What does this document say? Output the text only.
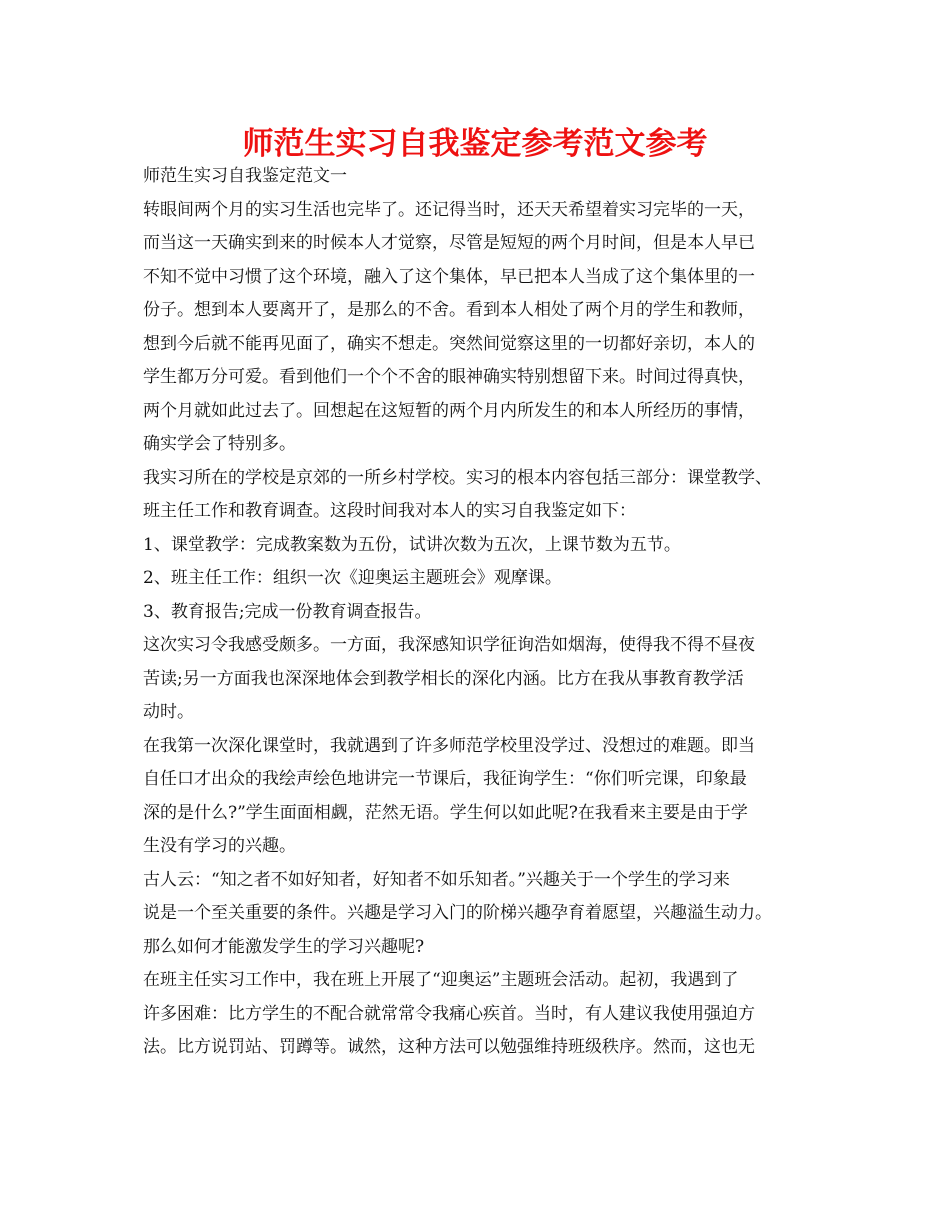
师范生实习自我鉴定参考范文参考
师范生实习自我鉴定范文一
转眼间两个月的实习生活也完毕了。还记得当时，还天天希望着实习完毕的一天，
而当这一天确实到来的时候本人才觉察，尽管是短短的两个月时间，但是本人早已
不知不觉中习惯了这个环境，融入了这个集体，早已把本人当成了这个集体里的一
份子。想到本人要离开了，是那么的不舍。看到本人相处了两个月的学生和教师，
想到今后就不能再见面了，确实不想走。突然间觉察这里的一切都好亲切，本人的
学生都万分可爱。看到他们一个个不舍的眼神确实特别想留下来。时间过得真快，
两个月就如此过去了。回想起在这短暂的两个月内所发生的和本人所经历的事情，
确实学会了特别多。
我实习所在的学校是京郊的一所乡村学校。实习的根本内容包括三部分：课堂教学、
班主任工作和教育调查。这段时间我对本人的实习自我鉴定如下：
1、课堂教学：完成教案数为五份，试讲次数为五次，上课节数为五节。
2、班主任工作：组织一次《迎奥运主题班会》观摩课。
3、教育报告;完成一份教育调查报告。
这次实习令我感受颇多。一方面，我深感知识学征询浩如烟海，使得我不得不昼夜
苦读;另一方面我也深深地体会到教学相长的深化内涵。比方在我从事教育教学活
动时。
在我第一次深化课堂时，我就遇到了许多师范学校里没学过、没想过的难题。即当
自任口才出众的我绘声绘色地讲完一节课后，我征询学生：“你们听完课，印象最
深的是什么?”学生面面相觑，茫然无语。学生何以如此呢?在我看来主要是由于学
生没有学习的兴趣。
古人云：“知之者不如好知者，好知者不如乐知者。”兴趣关于一个学生的学习来
说是一个至关重要的条件。兴趣是学习入门的阶梯兴趣孕育着愿望，兴趣溢生动力。
那么如何才能激发学生的学习兴趣呢?
在班主任实习工作中，我在班上开展了“迎奥运”主题班会活动。起初，我遇到了
许多困难：比方学生的不配合就常常令我痛心疾首。当时，有人建议我使用强迫方
法。比方说罚站、罚蹲等。诚然，这种方法可以勉强维持班级秩序。然而，这也无
